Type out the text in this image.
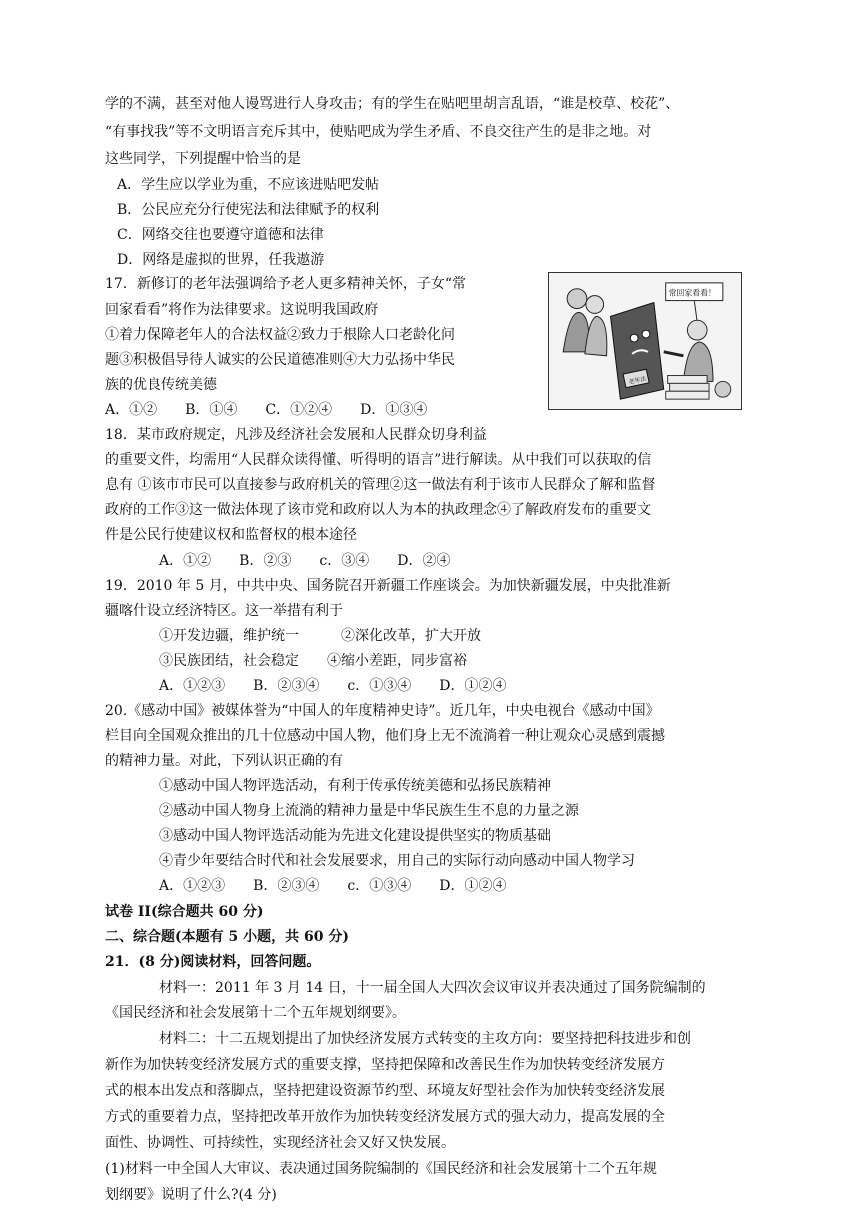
学的不满，甚至对他人谩骂进行人身攻击；有的学生在贴吧里胡言乱语，“谁是校草、校花”、
“有事找我”等不文明语言充斥其中，使贴吧成为学生矛盾、不良交往产生的是非之地。对
这些同学，下列提醒中恰当的是
A．学生应以学业为重，不应该进贴吧发帖
B．公民应充分行使宪法和法律赋予的权利
C．网络交往也要遵守道德和法律
D．网络是虚拟的世界，任我遨游
17．新修订的老年法强调给予老人更多精神关怀，子女“常
回家看看”将作为法律要求。这说明我国政府
①着力保障老年人的合法权益②致力于根除人口老龄化问
题③积极倡导待人诚实的公民道德准则④大力弘扬中华民
族的优良传统美德
A．①②　　B．①④　　C．①②④　　D．①③④
老年法
常回家看看！
18．某市政府规定，凡涉及经济社会发展和人民群众切身利益
的重要文件，均需用“人民群众读得懂、听得明的语言”进行解读。从中我们可以获取的信
息有 ①该市市民可以直接参与政府机关的管理②这一做法有利于该市人民群众了解和监督
政府的工作③这一做法体现了该市党和政府以人为本的执政理念④了解政府发布的重要文
件是公民行使建议权和监督权的根本途径
A．①②　　B．②③　　c．③④　　D．②④
19．2010 年 5 月，中共中央、国务院召开新疆工作座谈会。为加快新疆发展，中央批准新
疆喀什设立经济特区。这一举措有利于
①开发边疆，维护统一　　　②深化改革，扩大开放
③民族团结，社会稳定　　④缩小差距，同步富裕
A．①②③　　B．②③④　　c．①③④　　D．①②④
20.《感动中国》被媒体誉为“中国人的年度精神史诗”。近几年，中央电视台《感动中国》
栏目向全国观众推出的几十位感动中国人物，他们身上无不流淌着一种让观众心灵感到震撼
的精神力量。对此，下列认识正确的有
①感动中国人物评选活动，有利于传承传统美德和弘扬民族精神
②感动中国人物身上流淌的精神力量是中华民族生生不息的力量之源
③感动中国人物评选活动能为先进文化建设提供坚实的物质基础
④青少年要结合时代和社会发展要求，用自己的实际行动向感动中国人物学习
A．①②③　　B．②③④　　c．①③④　　D．①②④
试卷 II(综合题共 60 分)
二、综合题(本题有 5 小题，共 60 分)
21．(8 分)阅读材料，回答问题。
材料一：2011 年 3 月 14 日，十一届全国人大四次会议审议并表决通过了国务院编制的
《国民经济和社会发展第十二个五年规划纲要》。
材料二：十二五规划提出了加快经济发展方式转变的主攻方向：要坚持把科技进步和创
新作为加快转变经济发展方式的重要支撑，坚持把保障和改善民生作为加快转变经济发展方
式的根本出发点和落脚点，坚持把建设资源节约型、环境友好型社会作为加快转变经济发展
方式的重要着力点，坚持把改革开放作为加快转变经济发展方式的强大动力，提高发展的全
面性、协调性、可持续性，实现经济社会又好又快发展。
(1)材料一中全国人大审议、表决通过国务院编制的《国民经济和社会发展第十二个五年规
划纲要》说明了什么?(4 分)
